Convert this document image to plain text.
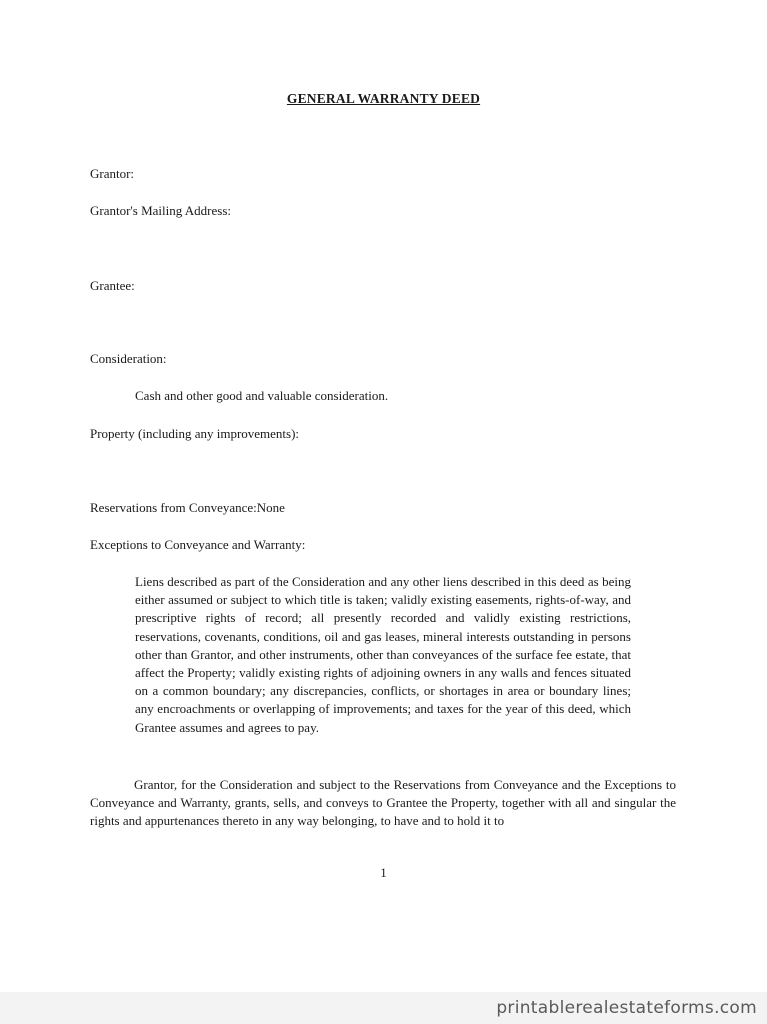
GENERAL WARRANTY DEED
Grantor:
Grantor's Mailing Address:
Grantee:
Consideration:
Cash and other good and valuable consideration.
Property (including any improvements):
Reservations from Conveyance:None
Exceptions to Conveyance and Warranty:

Liens described as part of the Consideration and any other liens described in this deed as being either assumed or subject to which title is taken; validly existing easements, rights-of-way, and prescriptive rights of record; all presently recorded and validly existing restrictions, reservations, covenants, conditions, oil and gas leases, mineral interests outstanding in persons other than Grantor, and other instruments, other than conveyances of the surface fee estate, that affect the Property; validly existing rights of adjoining owners in any walls and fences situated on a common boundary; any discrepancies, conflicts, or shortages in area or boundary lines; any encroachments or overlapping of improvements; and taxes for the year of this deed, which Grantee assumes and agrees to pay.

Grantor, for the Consideration and subject to the Reservations from Conveyance and the Exceptions to Conveyance and Warranty, grants, sells, and conveys to Grantee the Property, together with all and singular the rights and appurtenances thereto in any way belonging, to have and to hold it to

1
printablerealestateforms.com
